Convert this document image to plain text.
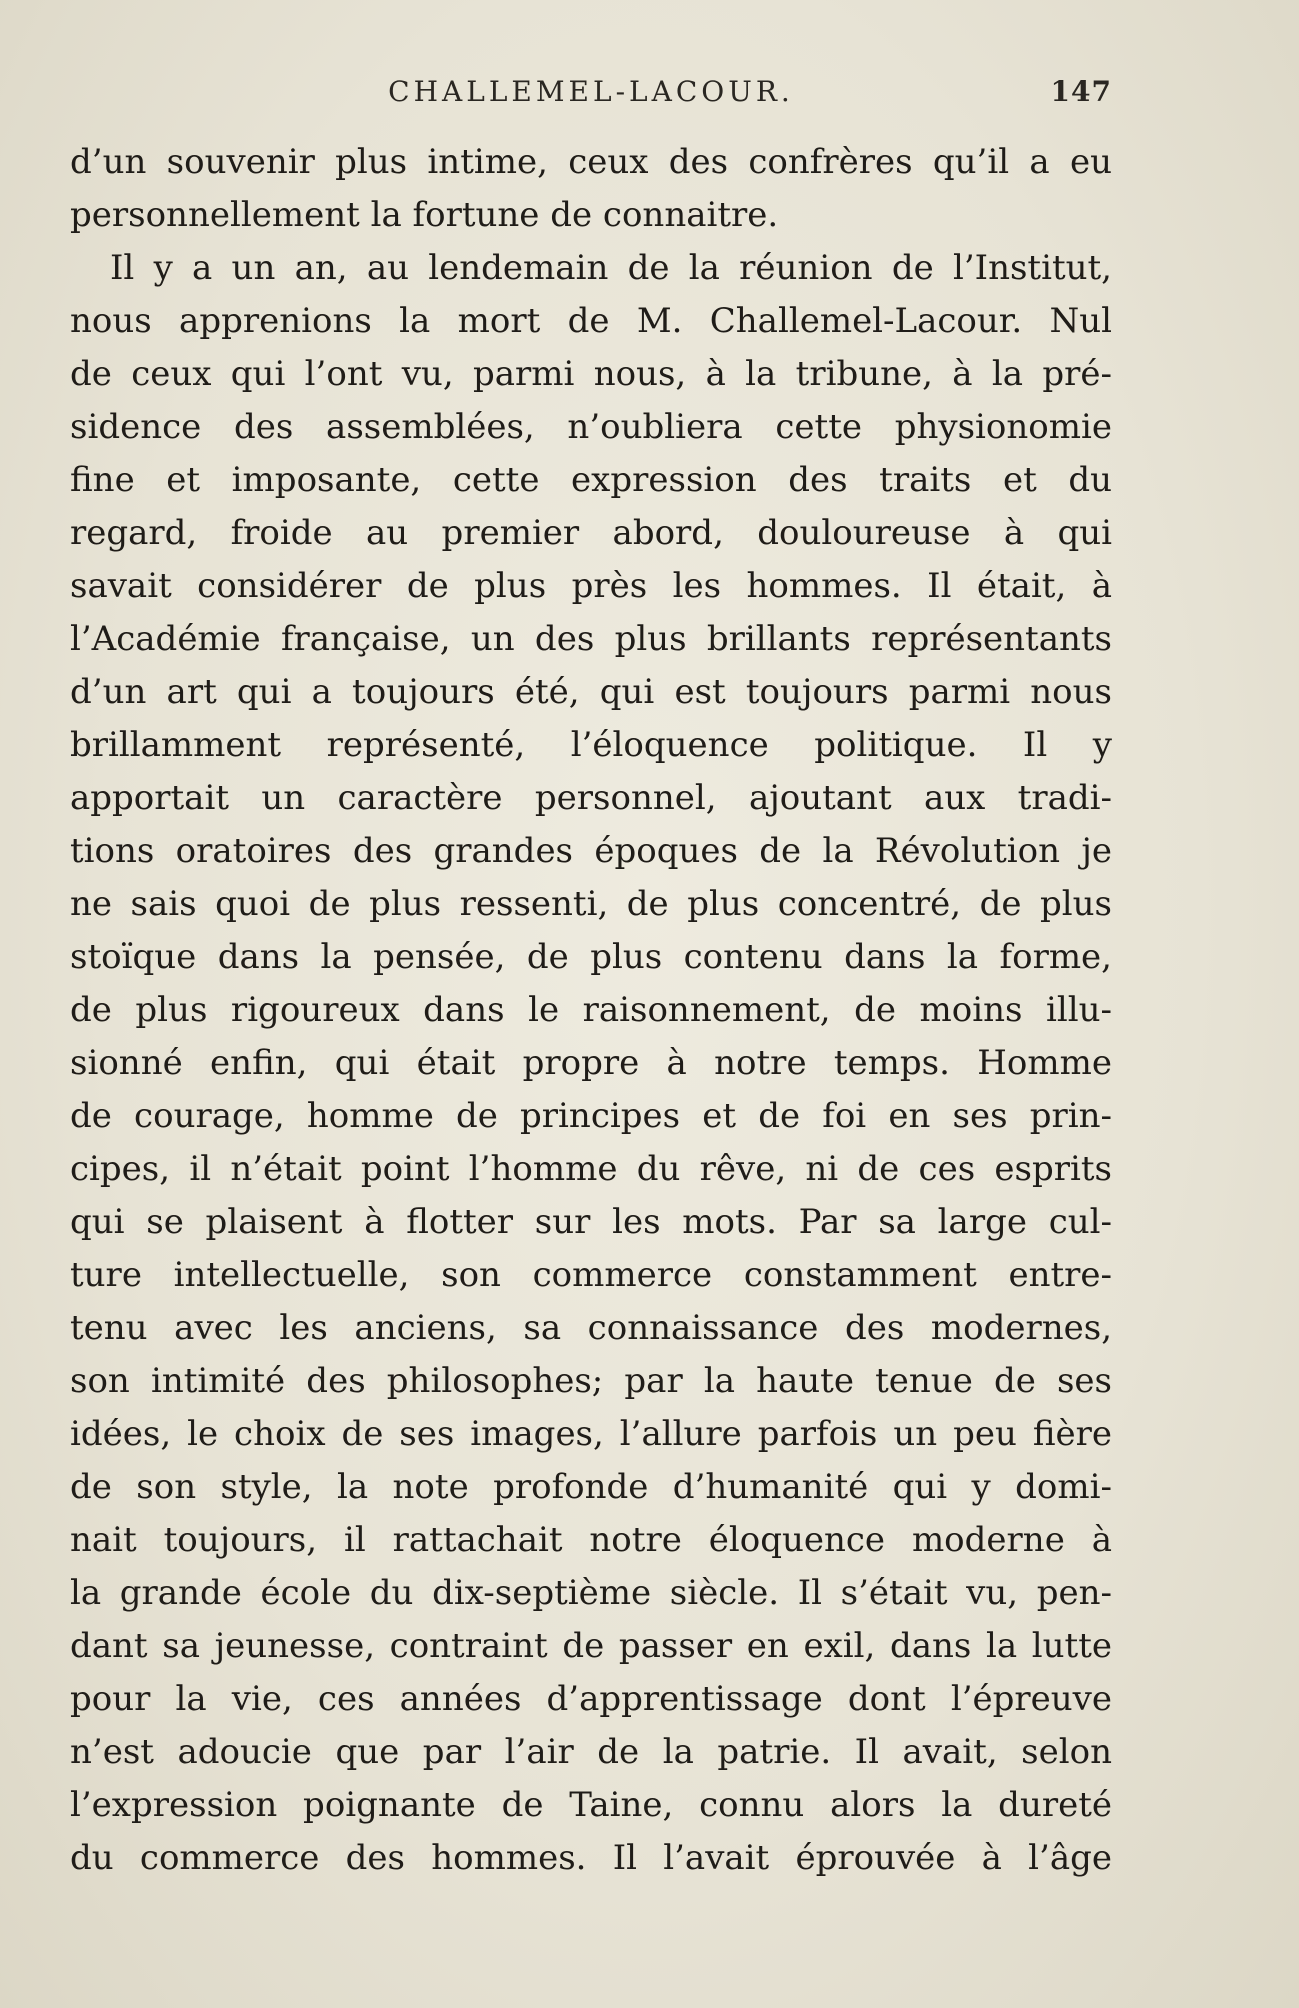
CHALLEMEL-LACOUR.	147
d’un souvenir plus intime, ceux des confrères qu’il a eu
personnellement la fortune de connaitre.
Il y a un an, au lendemain de la réunion de l’Institut,
nous apprenions la mort de M. Challemel-Lacour. Nul
de ceux qui l’ont vu, parmi nous, à la tribune, à la pré-
sidence des assemblées, n’oubliera cette physionomie
fine et imposante, cette expression des traits et du
regard, froide au premier abord, douloureuse à qui
savait considérer de plus près les hommes. Il était, à
l’Académie française, un des plus brillants représentants
d’un art qui a toujours été, qui est toujours parmi nous
brillamment représenté, l’éloquence politique. Il y
apportait un caractère personnel, ajoutant aux tradi-
tions oratoires des grandes époques de la Révolution je
ne sais quoi de plus ressenti, de plus concentré, de plus
stoïque dans la pensée, de plus contenu dans la forme,
de plus rigoureux dans le raisonnement, de moins illu-
sionné enfin, qui était propre à notre temps. Homme
de courage, homme de principes et de foi en ses prin-
cipes, il n’était point l’homme du rêve, ni de ces esprits
qui se plaisent à flotter sur les mots. Par sa large cul-
ture intellectuelle, son commerce constamment entre-
tenu avec les anciens, sa connaissance des modernes,
son intimité des philosophes; par la haute tenue de ses
idées, le choix de ses images, l’allure parfois un peu fière
de son style, la note profonde d’humanité qui y domi-
nait toujours, il rattachait notre éloquence moderne à
la grande école du dix-septième siècle. Il s’était vu, pen-
dant sa jeunesse, contraint de passer en exil, dans la lutte
pour la vie, ces années d’apprentissage dont l’épreuve
n’est adoucie que par l’air de la patrie. Il avait, selon
l’expression poignante de Taine, connu alors la dureté
du commerce des hommes. Il l’avait éprouvée à l’âge
